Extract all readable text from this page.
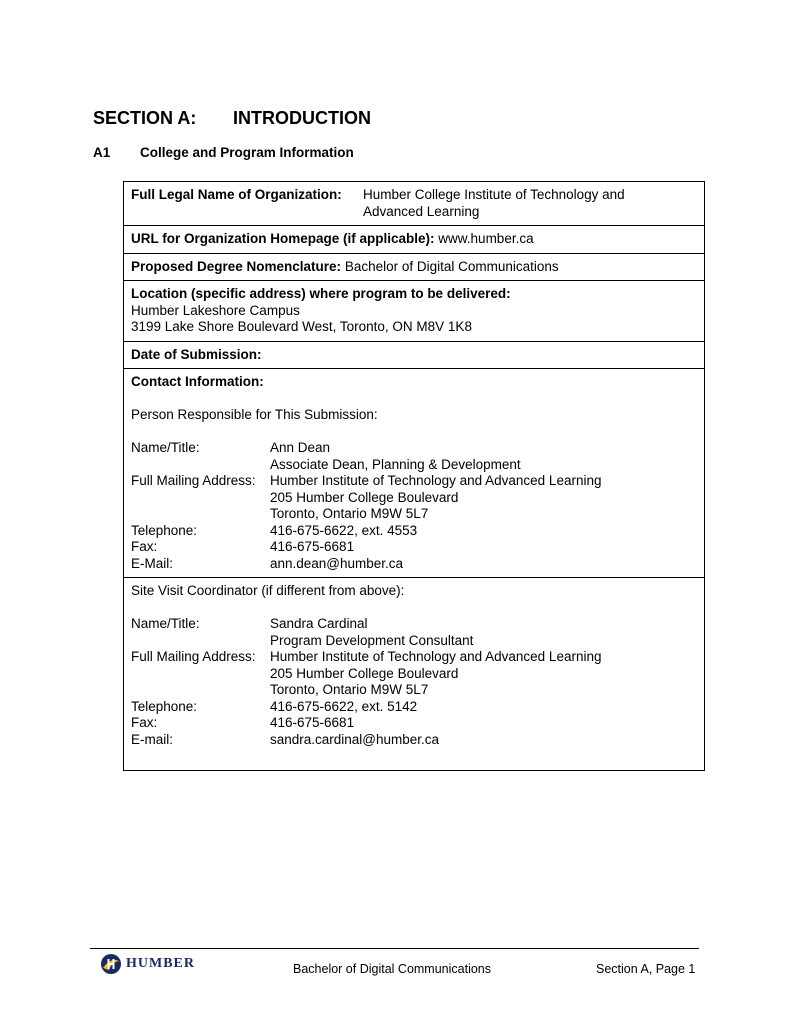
SECTION A: INTRODUCTION
A1 College and Program Information
Full Legal Name of Organization:	Humber College Institute of Technology and
Advanced Learning
URL for Organization Homepage (if applicable): www.humber.ca
Proposed Degree Nomenclature: Bachelor of Digital Communications
Location (specific address) where program to be delivered:
Humber Lakeshore Campus
3199 Lake Shore Boulevard West, Toronto, ON M8V 1K8
Date of Submission:
Contact Information:
Person Responsible for This Submission:
Name/Title:	Ann Dean
Associate Dean, Planning & Development
Full Mailing Address:	Humber Institute of Technology and Advanced Learning
205 Humber College Boulevard
Toronto, Ontario M9W 5L7
Telephone:	416-675-6622, ext. 4553
Fax:	416-675-6681
E-Mail:	ann.dean@humber.ca
Site Visit Coordinator (if different from above):
Name/Title:	Sandra Cardinal
Program Development Consultant
Full Mailing Address:	Humber Institute of Technology and Advanced Learning
205 Humber College Boulevard
Toronto, Ontario M9W 5L7
Telephone:	416-675-6622, ext. 5142
Fax:	416-675-6681
E-mail:	sandra.cardinal@humber.ca
HUMBER	Bachelor of Digital Communications	Section A, Page 1
